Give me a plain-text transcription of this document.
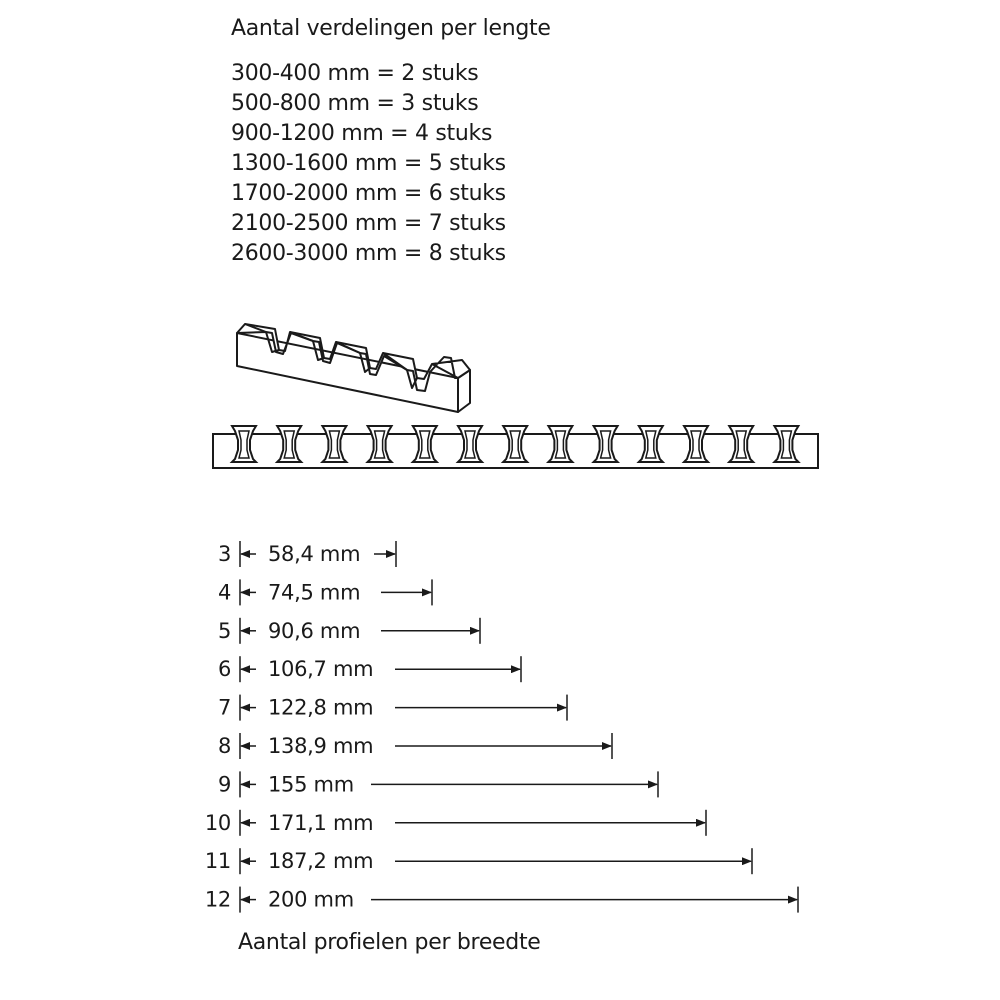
Aantal verdelingen per lengte
300-400 mm = 2 stuks
500-800 mm = 3 stuks
900-1200 mm = 4 stuks
1300-1600 mm = 5 stuks
1700-2000 mm = 6 stuks
2100-2500 mm = 7 stuks
2600-3000 mm = 8 stuks
3 58,4 mm
4 74,5 mm
5 90,6 mm
6 106,7 mm
7 122,8 mm
8 138,9 mm
9 155 mm
10 171,1 mm
11 187,2 mm
12 200 mm
Aantal profielen per breedte
